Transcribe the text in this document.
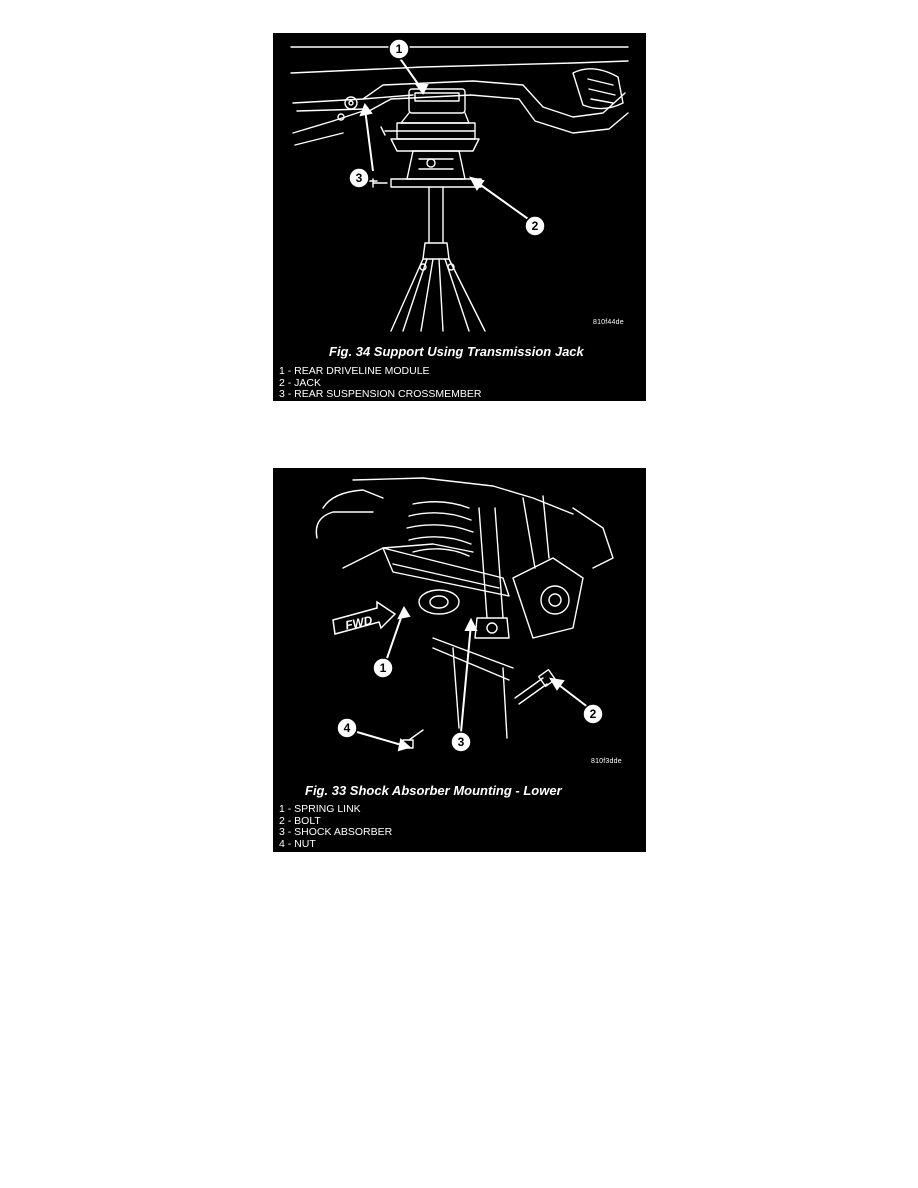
1
3
2
810f44de
Fig. 34 Support Using Transmission Jack
1 - REAR DRIVELINE MODULE
2 - JACK
3 - REAR SUSPENSION CROSSMEMBER
FWD
1
2
3
4
810f3dde
Fig. 33 Shock Absorber Mounting - Lower
1 - SPRING LINK
2 - BOLT
3 - SHOCK ABSORBER
4 - NUT
